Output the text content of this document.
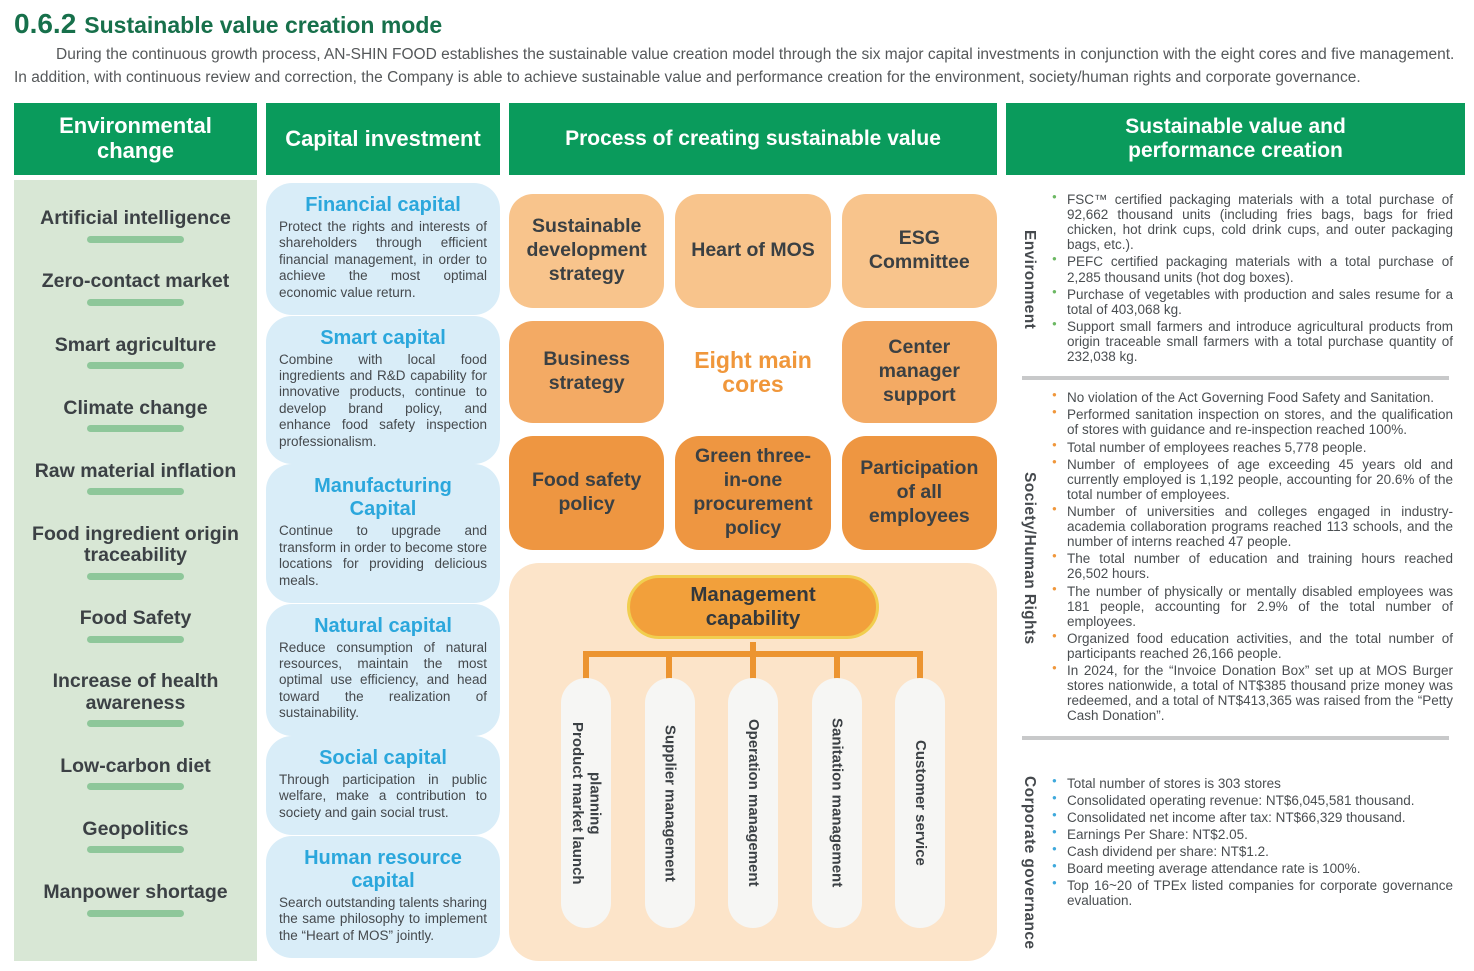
0.6.2 Sustainable value creation mode

During the continuous growth process, AN-SHIN FOOD establishes the sustainable value creation model through the six major capital investments in conjunction with the eight cores and five management. In addition, with continuous review and correction, the Company is able to achieve sustainable value and performance creation for the environment, society/human rights and corporate governance.

Environmental change
Artificial intelligence
Zero-contact market
Smart agriculture
Climate change
Raw material inflation
Food ingredient origin traceability
Food Safety
Increase of health awareness
Low-carbon diet
Geopolitics
Manpower shortage
Capital investment
Financial capital

Protect the rights and interests of shareholders through efficient financial management, in order to achieve the most optimal economic value return.

Smart capital

Combine with local food ingredients and R&D capability for innovative products, continue to develop brand policy, and enhance food safety inspection professionalism.

Manufacturing Capital

Continue to upgrade and transform in order to become store locations for providing delicious meals.

Natural capital

Reduce consumption of natural resources, maintain the most optimal use efficiency, and head toward the realization of sustainability.

Social capital

Through participation in public welfare, make a contribution to society and gain social trust.

Human resource capital

Search outstanding talents sharing the same philosophy to implement the “Heart of MOS” jointly.

Process of creating sustainable value
Sustainable development strategy
Heart of MOS
ESG Committee
Business strategy
Eight main cores
Center manager support
Food safety policy
Green three-in-one procurement policy
Participation of all employees
Management capability
Product market launch planning	Supplier management	Operation management	Sanitation management	Customer service
Sustainable value and performance creation
Environment
● FSC™ certified packaging materials with a total purchase of 92,662 thousand units (including fries bags, bags for fried chicken, hot drink cups, cold drink cups, and outer packaging bags, etc.).
● PEFC certified packaging materials with a total purchase of 2,285 thousand units (hot dog boxes).
● Purchase of vegetables with production and sales resume for a total of 403,068 kg.
● Support small farmers and introduce agricultural products from origin traceable small farmers with a total purchase quantity of 232,038 kg.
Society/Human Rights
● No violation of the Act Governing Food Safety and Sanitation.
● Performed sanitation inspection on stores, and the qualification of stores with guidance and re-inspection reached 100%.
● Total number of employees reaches 5,778 people.
● Number of employees of age exceeding 45 years old and currently employed is 1,192 people, accounting for 20.6% of the total number of employees.
● Number of universities and colleges engaged in industry-academia collaboration programs reached 113 schools, and the number of interns reached 47 people.
● The total number of education and training hours reached 26,502 hours.
● The number of physically or mentally disabled employees was 181 people, accounting for 2.9% of the total number of employees.
● Organized food education activities, and the total number of participants reached 26,166 people.
● In 2024, for the “Invoice Donation Box” set up at MOS Burger stores nationwide, a total of NT$385 thousand prize money was redeemed, and a total of NT$413,365 was raised from the “Petty Cash Donation”.
Corporate governance	● Total number of stores is 303 stores
● Consolidated operating revenue: NT$6,045,581 thousand.
● Consolidated net income after tax: NT$66,329 thousand.
● Earnings Per Share: NT$2.05.
● Cash dividend per share: NT$1.2.
● Board meeting average attendance rate is 100%.
● Top 16~20 of TPEx listed companies for corporate governance evaluation.
